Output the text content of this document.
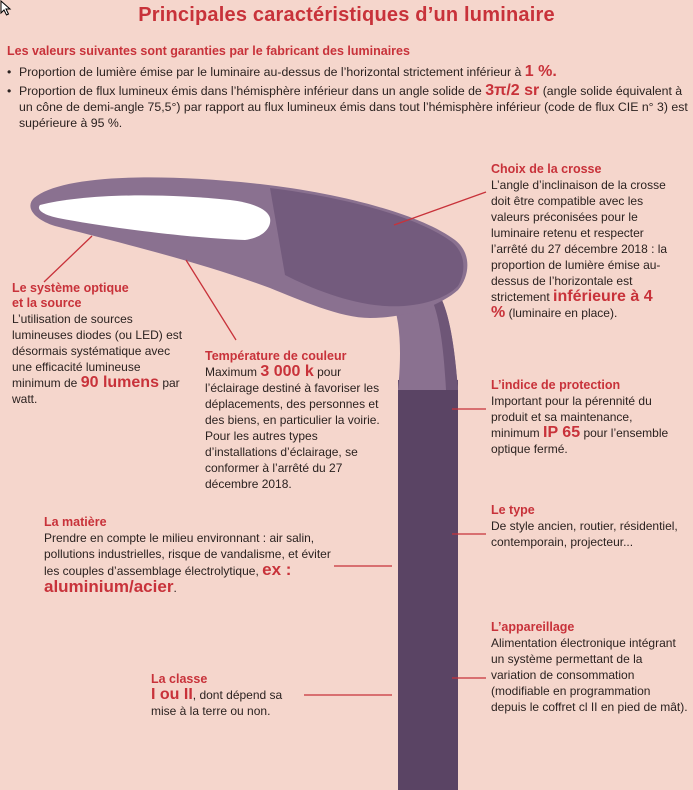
Principales caractéristiques d’un luminaire
Les valeurs suivantes sont garanties par le fabricant des luminaires
• Proportion de lumière émise par le luminaire au-dessus de l’horizontal strictement inférieur à 1 %.
• Proportion de flux lumineux émis dans l’hémisphère inférieur dans un angle solide de 3π/2 sr (angle solide équivalent à un cône de demi-angle 75,5°) par rapport au flux lumineux émis dans tout l’hémisphère inférieur (code de flux CIE n° 3) est supérieure à 95 %.
Le système optique
et la source
L’utilisation de sources lumineuses diodes (ou LED) est désormais systématique avec une efficacité lumineuse minimum de 90 lumens par watt.
Température de couleur
Maximum 3 000 k pour l’éclairage destiné à favoriser les déplacements, des personnes et des biens, en particulier la voirie. Pour les autres types d’installations d’éclairage, se conformer à l’arrêté du 27 décembre 2018.
Choix de la crosse
L’angle d’inclinaison de la crosse doit être compatible avec les valeurs préconisées pour le luminaire retenu et respecter l’arrêté du 27 décembre 2018 : la proportion de lumière émise au-dessus de l’horizontale est strictement inférieure à 4 % (luminaire en place).
L’indice de protection
Important pour la pérennité du produit et sa maintenance, minimum IP 65 pour l’ensemble optique fermé.
La matière
Prendre en compte le milieu environnant : air salin, pollutions industrielles, risque de vandalisme, et éviter les couples d’assemblage électrolytique, ex : aluminium/acier.
Le type
De style ancien, routier, résidentiel, contemporain, projecteur...
L’appareillage
Alimentation électronique intégrant un système permettant de la variation de consommation (modifiable en programmation depuis le coffret cl II en pied de mât).
La classe
I ou II, dont dépend sa mise à la terre ou non.
